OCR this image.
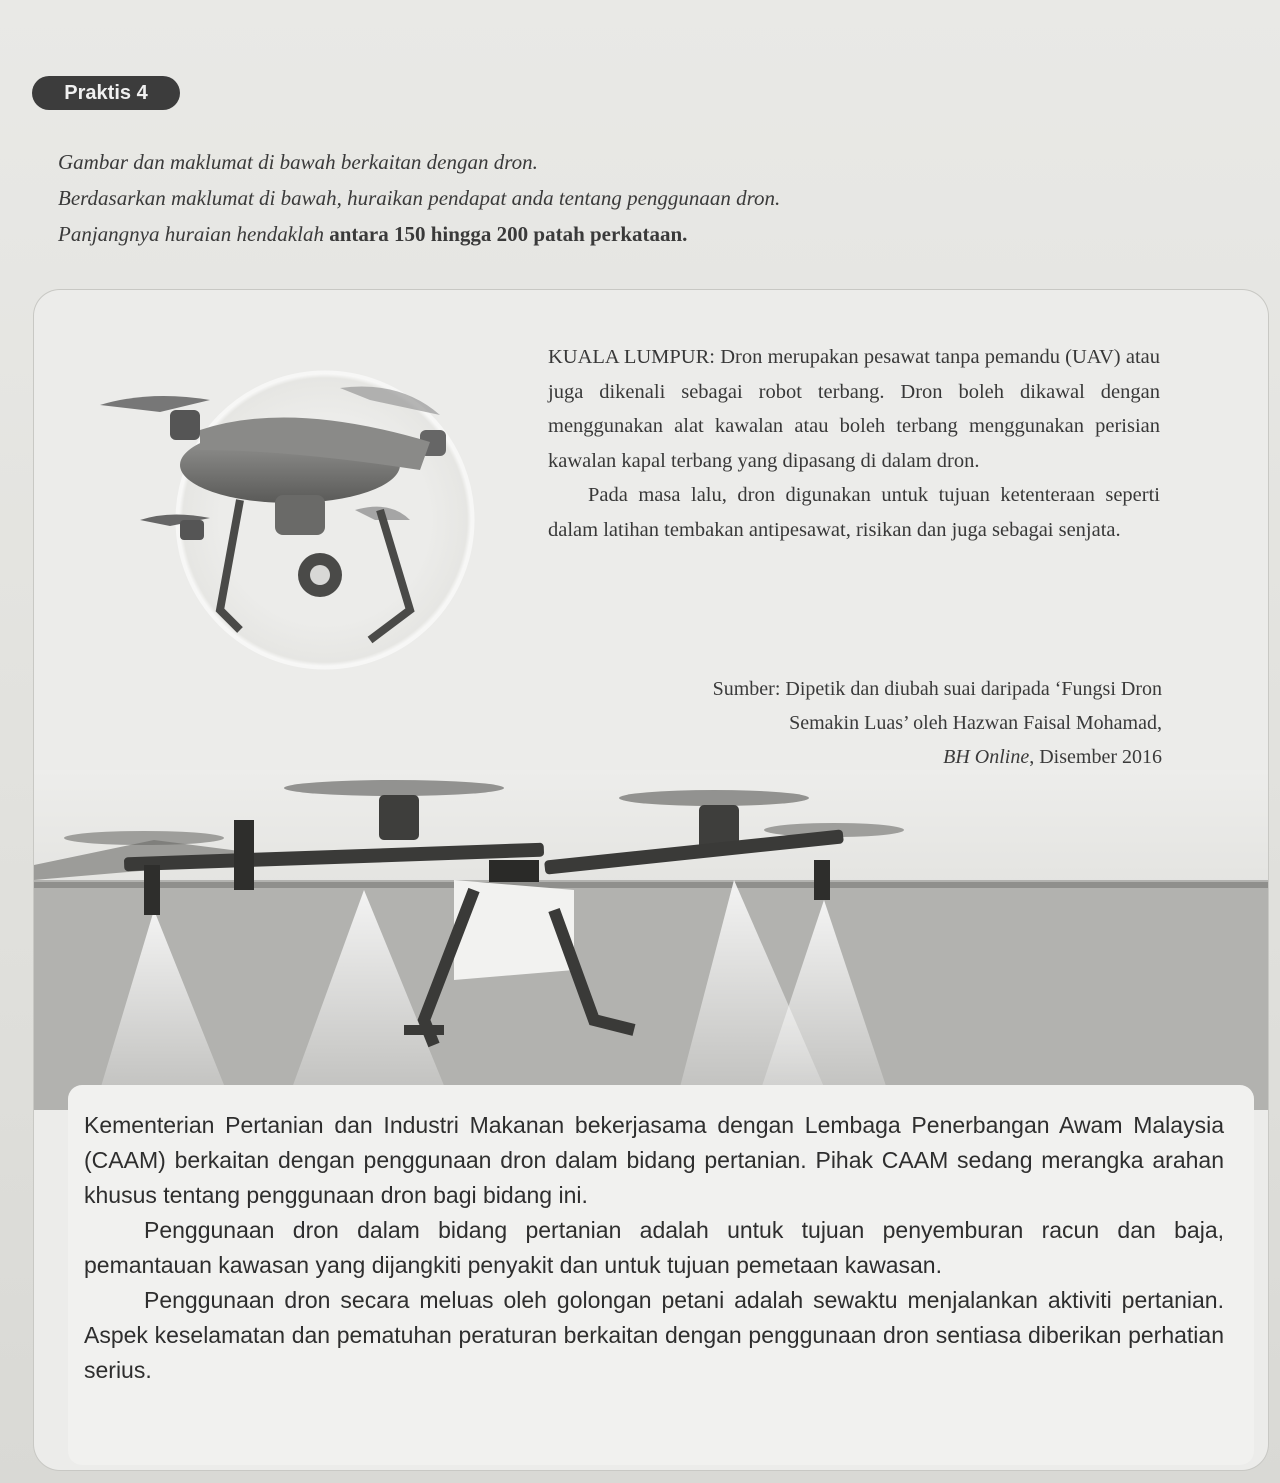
Praktis 4
Gambar dan maklumat di bawah berkaitan dengan dron.
Berdasarkan maklumat di bawah, huraikan pendapat anda tentang penggunaan dron.
Panjangnya huraian hendaklah antara 150 hingga 200 patah perkataan.

KUALA LUMPUR: Dron merupakan pesawat tanpa pemandu (UAV) atau juga dikenali sebagai robot terbang. Dron boleh dikawal dengan menggunakan alat kawalan atau boleh terbang menggunakan perisian kawalan kapal terbang yang dipasang di dalam dron.

Pada masa lalu, dron digunakan untuk tujuan ketenteraan seperti dalam latihan tembakan antipesawat, risikan dan juga sebagai senjata.

Sumber: Dipetik dan diubah suai daripada ‘Fungsi Dron
Semakin Luas’ oleh Hazwan Faisal Mohamad,
BH Online, Disember 2016

Kementerian Pertanian dan Industri Makanan bekerjasama dengan Lembaga Penerbangan Awam Malaysia (CAAM) berkaitan dengan penggunaan dron dalam bidang pertanian. Pihak CAAM sedang merangka arahan khusus tentang penggunaan dron bagi bidang ini.

Penggunaan dron dalam bidang pertanian adalah untuk tujuan penyemburan racun dan baja, pemantauan kawasan yang dijangkiti penyakit dan untuk tujuan pemetaan kawasan.

Penggunaan dron secara meluas oleh golongan petani adalah sewaktu menjalankan aktiviti pertanian. Aspek keselamatan dan pematuhan peraturan berkaitan dengan penggunaan dron sentiasa diberikan perhatian serius.
